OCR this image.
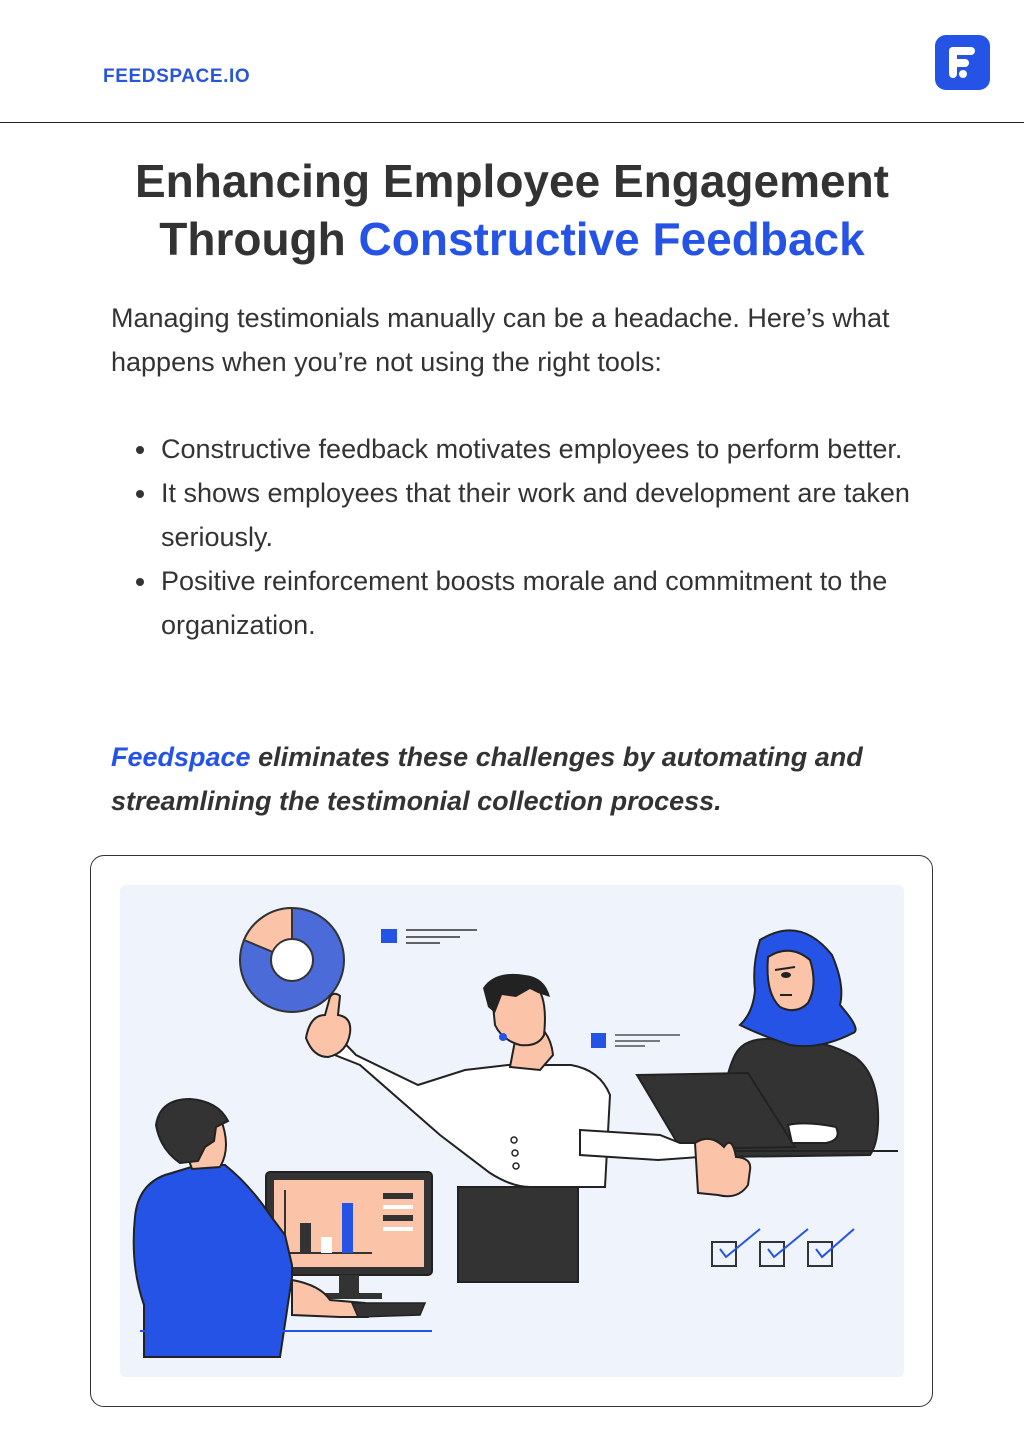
FEEDSPACE.IO
Enhancing Employee Engagement
Through Constructive Feedback

Managing testimonials manually can be a headache. Here’s what happens when you’re not using the right tools:

Constructive feedback motivates employees to perform better.
It shows employees that their work and development are taken seriously.
Positive reinforcement boosts morale and commitment to the organization.

Feedspace eliminates these challenges by automating and streamlining the testimonial collection process.
